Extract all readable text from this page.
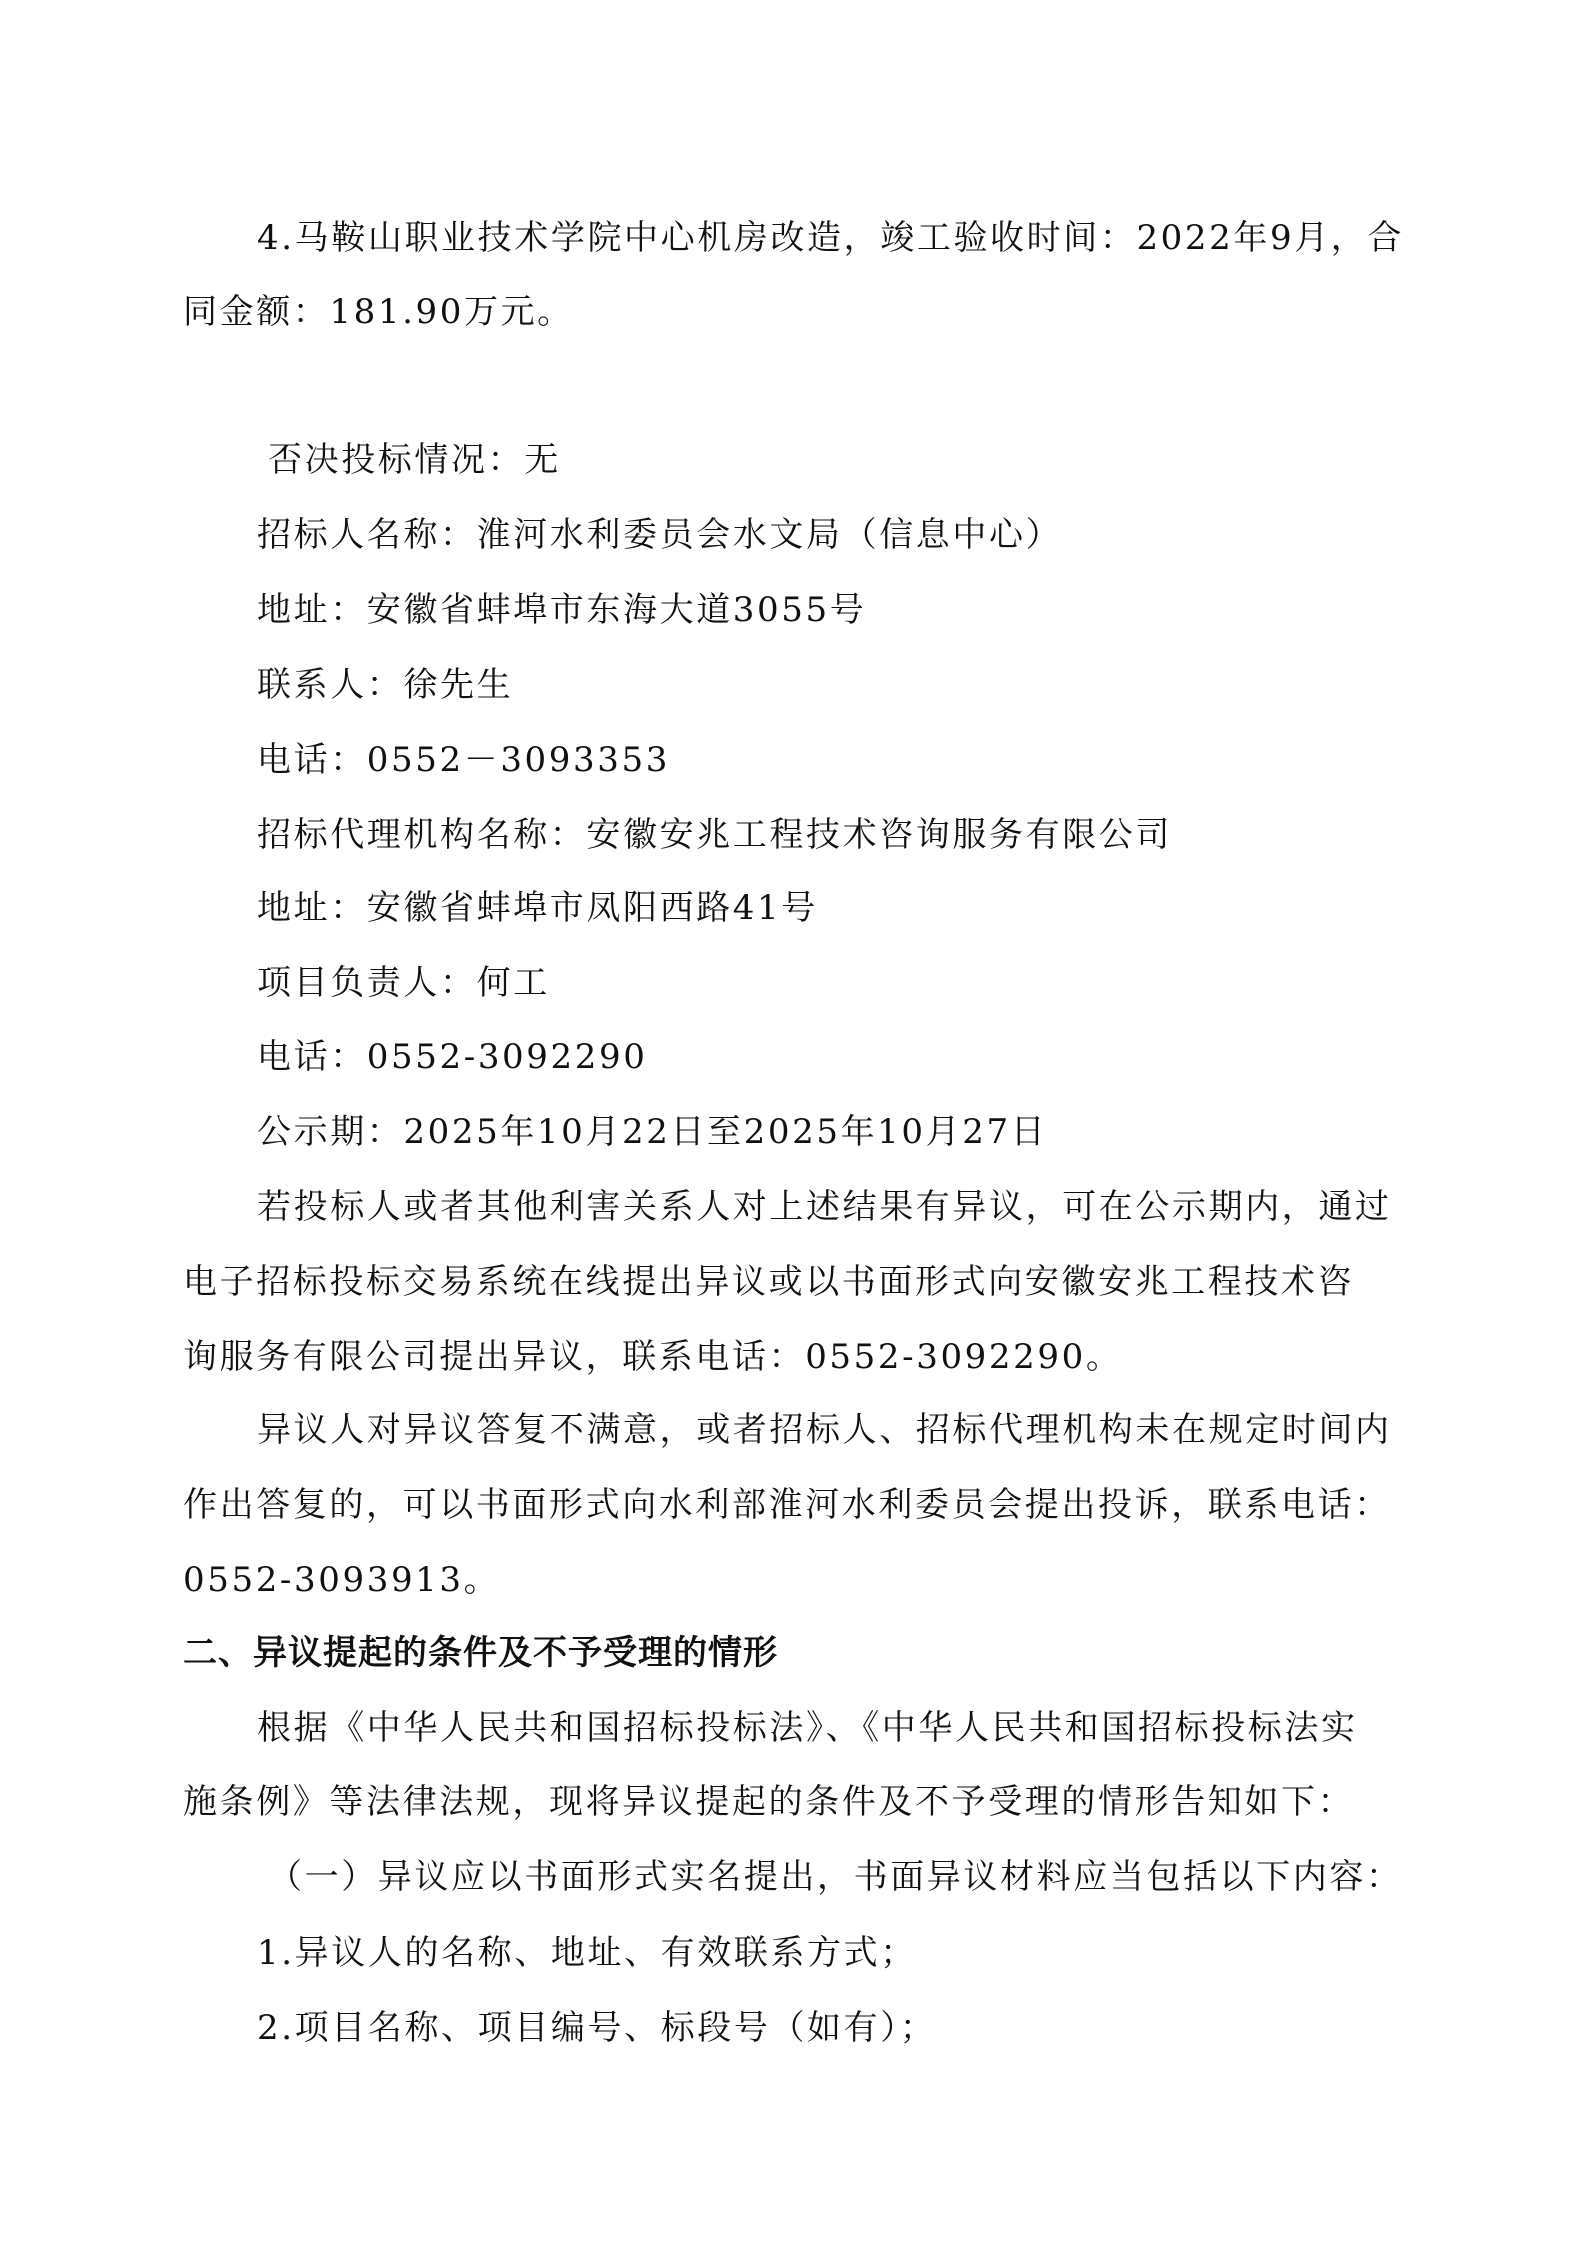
4.马鞍山职业技术学院中心机房改造，竣工验收时间：2022年9月，合
同金额：181.90万元。
否决投标情况：无
招标人名称：淮河水利委员会水文局（信息中心）
地址：安徽省蚌埠市东海大道3055号
联系人：徐先生
电话：0552－3093353
招标代理机构名称：安徽安兆工程技术咨询服务有限公司
地址：安徽省蚌埠市凤阳西路41号
项目负责人：何工
电话：0552-3092290
公示期：2025年10月22日至2025年10月27日
若投标人或者其他利害关系人对上述结果有异议，可在公示期内，通过
电子招标投标交易系统在线提出异议或以书面形式向安徽安兆工程技术咨
询服务有限公司提出异议，联系电话：0552-3092290。
异议人对异议答复不满意，或者招标人、招标代理机构未在规定时间内
作出答复的，可以书面形式向水利部淮河水利委员会提出投诉，联系电话：
0552-3093913。
二、异议提起的条件及不予受理的情形
根据《中华人民共和国招标投标法》、《中华人民共和国招标投标法实
施条例》等法律法规，现将异议提起的条件及不予受理的情形告知如下：
（一）异议应以书面形式实名提出，书面异议材料应当包括以下内容：
1.异议人的名称、地址、有效联系方式；
2.项目名称、项目编号、标段号（如有）；
